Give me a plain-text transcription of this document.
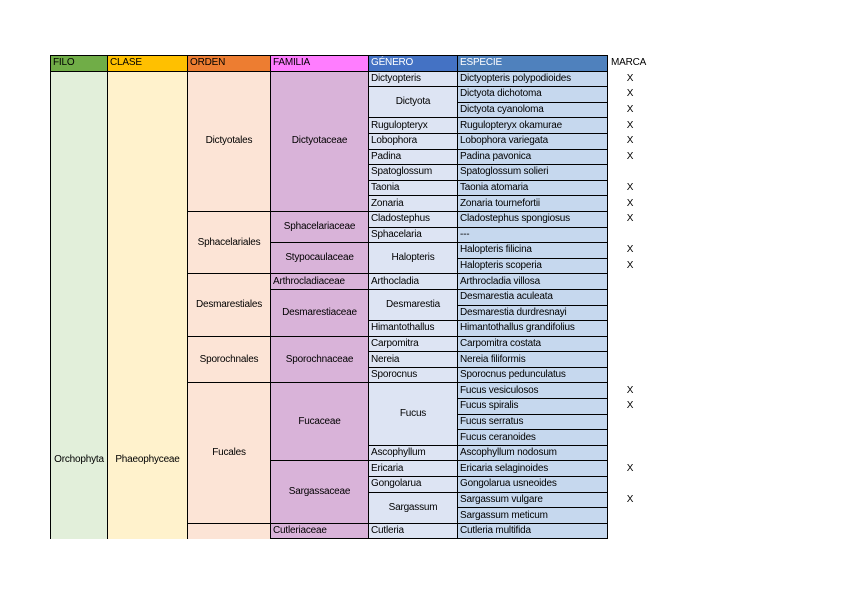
FILO	CLASE	ORDEN	FAMILIA	GÉNERO	ESPECIE	MARCA
Orchophyta	Phaeophyceae	Dictyotales	Dictyotaceae	Dictyopteris	Dictyopteris polypodioides	X
				Dictyota	Dictyota dichotoma	X
					Dictyota cyanoloma	X
				Rugulopteryx	Rugulopteryx okamurae	X
				Lobophora	Lobophora variegata	X
				Padina	Padina pavonica	X
				Spatoglossum	Spatoglossum solieri	
				Taonia	Taonia atomaria	X
				Zonaria	Zonaria tournefortii	X
		Sphacelariales	Sphacelariaceae	Cladostephus	Cladostephus spongiosus	X
				Sphacelaria	---	
			Stypocaulaceae	Halopteris	Halopteris filicina	X
					Halopteris scoperia	X
		Desmarestiales	Arthrocladiaceae	Arthocladia	Arthrocladia villosa	
			Desmarestiaceae	Desmarestia	Desmarestia aculeata	
					Desmarestia durdresnayi	
				Himantothallus	Himantothallus grandifolius	
		Sporochnales	Sporochnaceae	Carpomitra	Carpomitra costata	
				Nereia	Nereia filiformis	
				Sporocnus	Sporocnus pedunculatus	
		Fucales	Fucaceae	Fucus	Fucus vesiculosos	X
					Fucus spiralis	X
					Fucus serratus	
					Fucus ceranoides	
				Ascophyllum	Ascophyllum nodosum	
			Sargassaceae	Ericaria	Ericaria selaginoides	X
				Gongolarua	Gongolarua usneoides	
				Sargassum	Sargassum vulgare	X
					Sargassum meticum	
			Cutleriaceae	Cutleria	Cutleria multifida	
